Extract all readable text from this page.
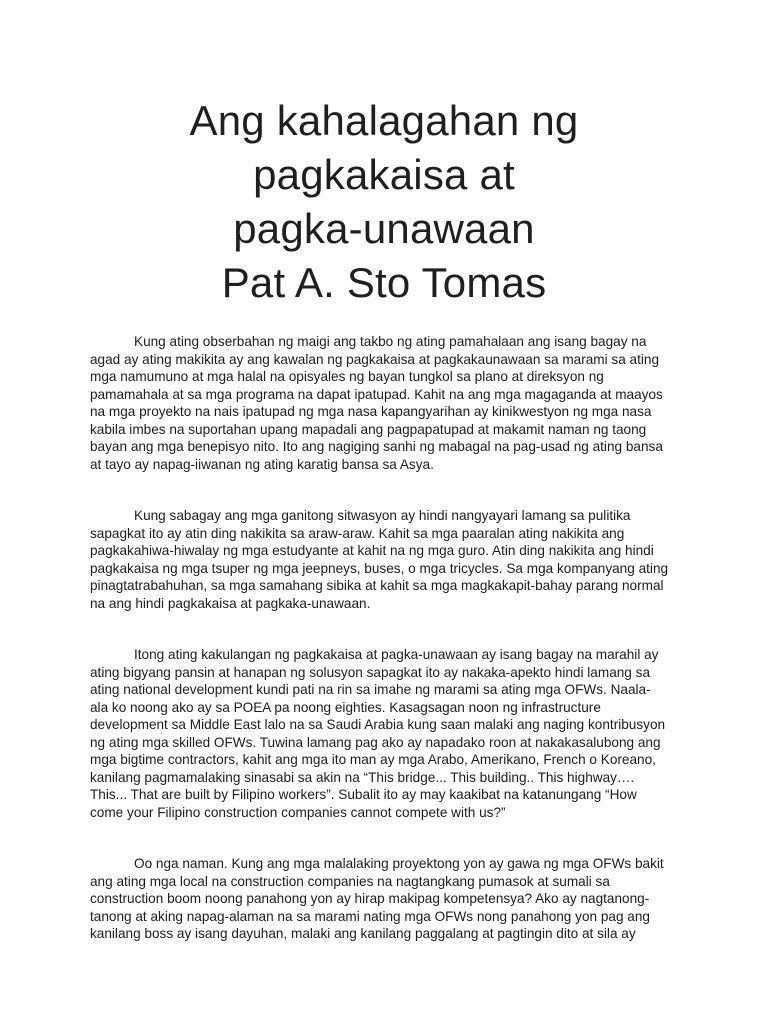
Ang kahalagahan ng
pagkakaisa at
pagka-unawaan
Pat A. Sto Tomas

Kung ating obserbahan ng maigi ang takbo ng ating pamahalaan ang isang bagay na
agad ay ating makikita ay ang kawalan ng pagkakaisa at pagkakaunawaan sa marami sa ating
mga namumuno at mga halal na opisyales ng bayan tungkol sa plano at direksyon ng
pamamahala at sa mga programa na dapat ipatupad. Kahit na ang mga magaganda at maayos
na mga proyekto na nais ipatupad ng mga nasa kapangyarihan ay kinikwestyon ng mga nasa
kabila imbes na suportahan upang mapadali ang pagpapatupad at makamit naman ng taong
bayan ang mga benepisyo nito. Ito ang nagiging sanhi ng mabagal na pag-usad ng ating bansa
at tayo ay napag-iiwanan ng ating karatig bansa sa Asya.

Kung sabagay ang mga ganitong sitwasyon ay hindi nangyayari lamang sa pulitika
sapagkat ito ay atin ding nakikita sa araw-araw. Kahit sa mga paaralan ating nakikita ang
pagkakahiwa-hiwalay ng mga estudyante at kahit na ng mga guro. Atin ding nakikita ang hindi
pagkakaisa ng mga tsuper ng mga jeepneys, buses, o mga tricycles. Sa mga kompanyang ating
pinagtatrabahuhan, sa mga samahang sibika at kahit sa mga magkakapit-bahay parang normal
na ang hindi pagkakaisa at pagkaka-unawaan.

Itong ating kakulangan ng pagkakaisa at pagka-unawaan ay isang bagay na marahil ay
ating bigyang pansin at hanapan ng solusyon sapagkat ito ay nakaka-apekto hindi lamang sa
ating national development kundi pati na rin sa imahe ng marami sa ating mga OFWs. Naala-
ala ko noong ako ay sa POEA pa noong eighties. Kasagsagan noon ng infrastructure
development sa Middle East lalo na sa Saudi Arabia kung saan malaki ang naging kontribusyon
ng ating mga skilled OFWs. Tuwina lamang pag ako ay napadako roon at nakakasalubong ang
mga bigtime contractors, kahit ang mga ito man ay mga Arabo, Amerikano, French o Koreano,
kanilang pagmamalaking sinasabi sa akin na “This bridge... This building.. This highway….
This... That are built by Filipino workers”. Subalit ito ay may kaakibat na katanungang “How
come your Filipino construction companies cannot compete with us?”

Oo nga naman. Kung ang mga malalaking proyektong yon ay gawa ng mga OFWs bakit
ang ating mga local na construction companies na nagtangkang pumasok at sumali sa
construction boom noong panahong yon ay hirap makipag kompetensya? Ako ay nagtanong-
tanong at aking napag-alaman na sa marami nating mga OFWs nong panahong yon pag ang
kanilang boss ay isang dayuhan, malaki ang kanilang paggalang at pagtingin dito at sila ay
